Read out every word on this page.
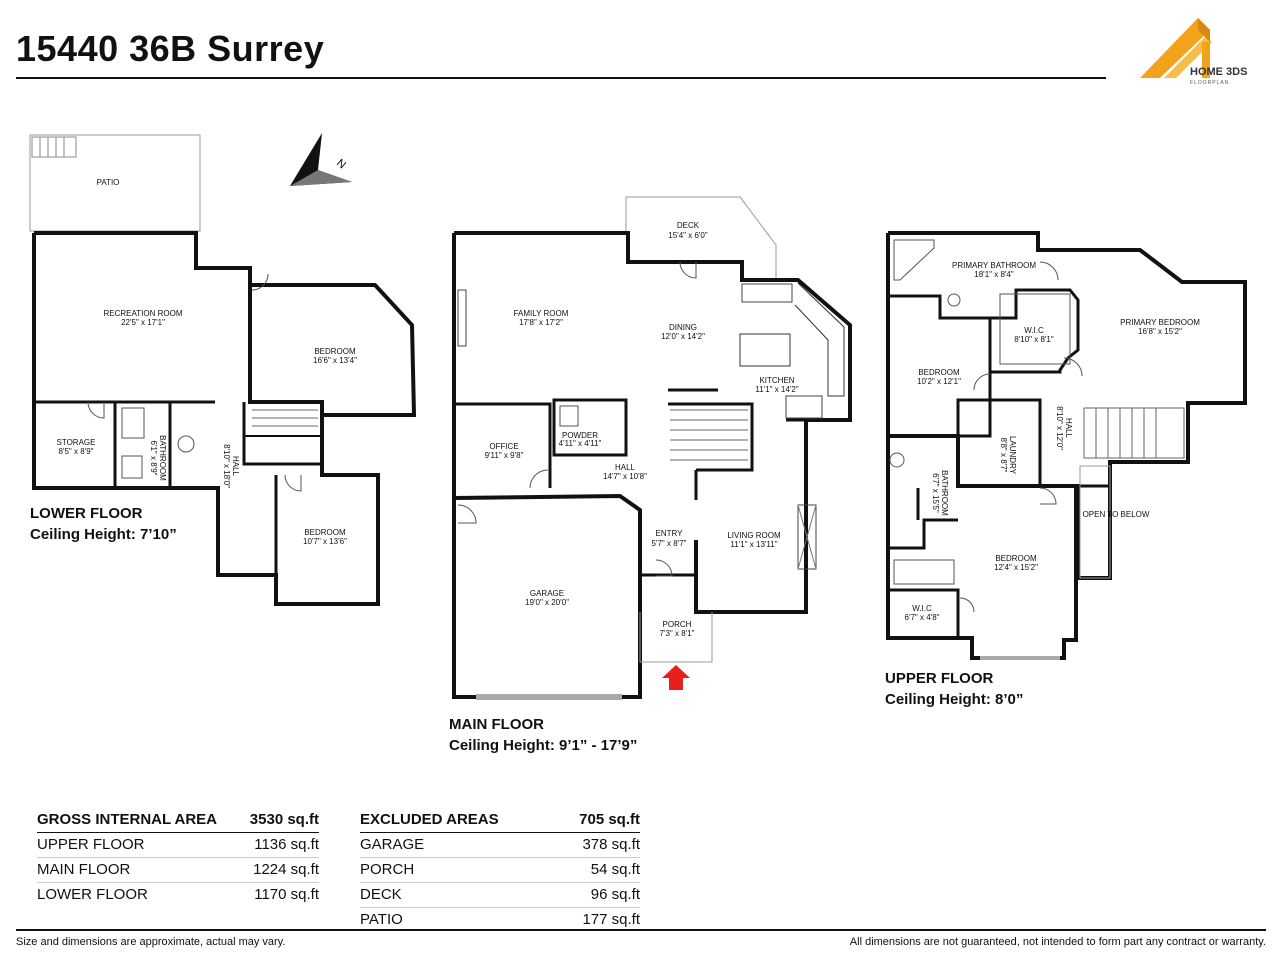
15440 36B Surrey
HOME 3DS
FLOORPLAN
N
PATIO
RECREATION ROOM
22'5" x 17'1"
BEDROOM
16'6" x 13'4"
STORAGE
8'5" x 8'9"	BATHROOM
6'1" x 8'9"	HALL
8'10" x 18'0"
BEDROOM
10'7" x 13'6"
DECK
15'4" x 6'0"
FAMILY ROOM
17'8" x 17'2"
DINING
12'0" x 14'2"
KITCHEN
11'1" x 14'2"
OFFICE
9'11" x 9'8"
POWDER
4'11" x 4'11"
HALL
14'7" x 10'8"
ENTRY
5'7" x 8'7"
LIVING ROOM
11'1" x 13'11"
GARAGE
19'0" x 20'0"
PORCH
7'3" x 8'1"
PRIMARY BATHROOM
18'1" x 8'4"
PRIMARY BEDROOM
16'8" x 15'2"
W.I.C
8'10" x 8'1"
BEDROOM
10'2" x 12'1"
HALL
8'10" x 12'0"
LAUNDRY
8'8" x 8'7"
BATHROOM
6'7" x 15'5"
BEDROOM
12'4" x 15'2"
OPEN TO BELOW
W.I.C
6'7" x 4'8"
LOWER FLOOR
Ceiling Height: 7’10”
MAIN FLOOR
Ceiling Height: 9’1” - 17’9”
UPPER FLOOR
Ceiling Height: 8’0”
GROSS INTERNAL AREA 3530 sq.ft
UPPER FLOOR	1136 sq.ft
MAIN FLOOR	1224 sq.ft
LOWER FLOOR	1170 sq.ft
EXCLUDED AREAS	705 sq.ft
GARAGE	378 sq.ft
PORCH	54 sq.ft
DECK	96 sq.ft
PATIO	177 sq.ft
Size and dimensions are approximate, actual may vary.	All dimensions are not guaranteed, not intended to form part any contract or warranty.
